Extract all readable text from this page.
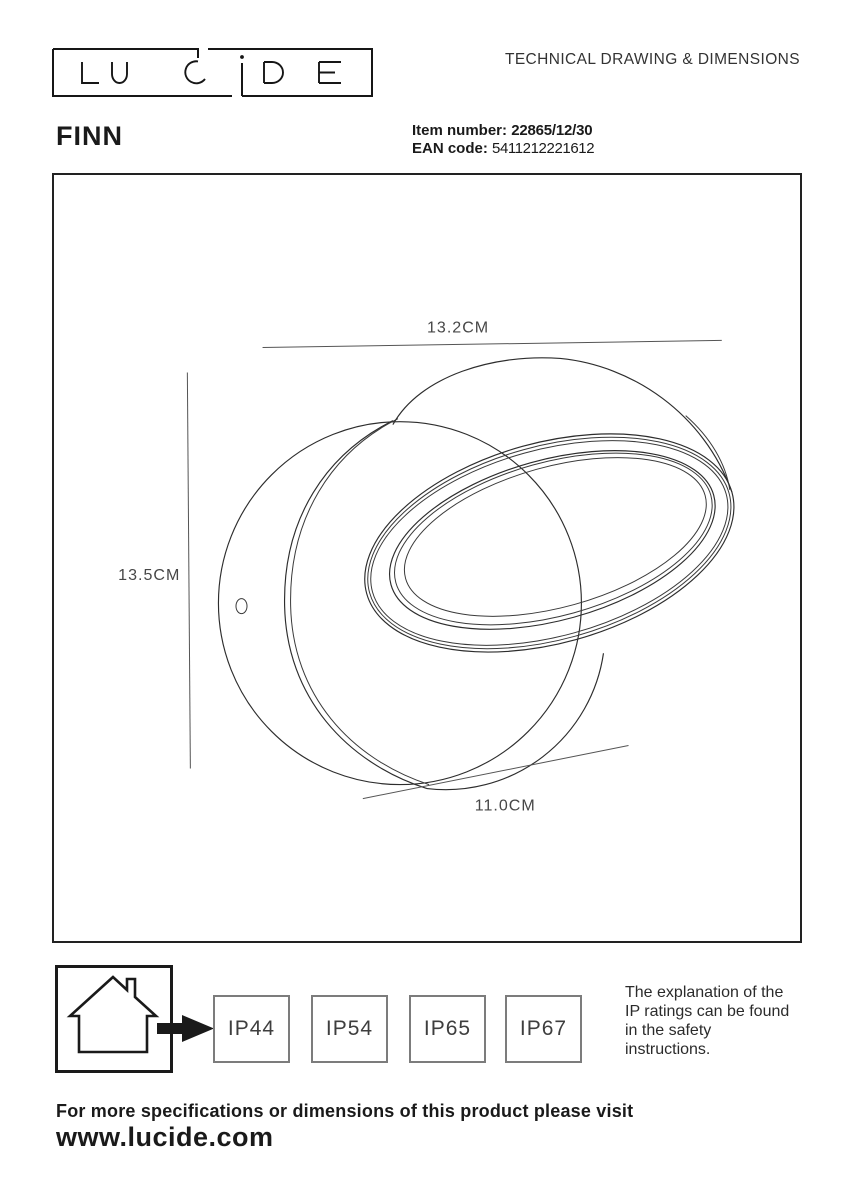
TECHNICAL DRAWING & DIMENSIONS
FINN	Item number: 22865/12/30
EAN code: 5411212221612
13.2CM
13.5CM
11.0CM
IP44 IP54 IP65 IP67
The explanation of the
IP ratings can be found
in the safety
instructions.
For more specifications or dimensions of this product please visit
www.lucide.com
